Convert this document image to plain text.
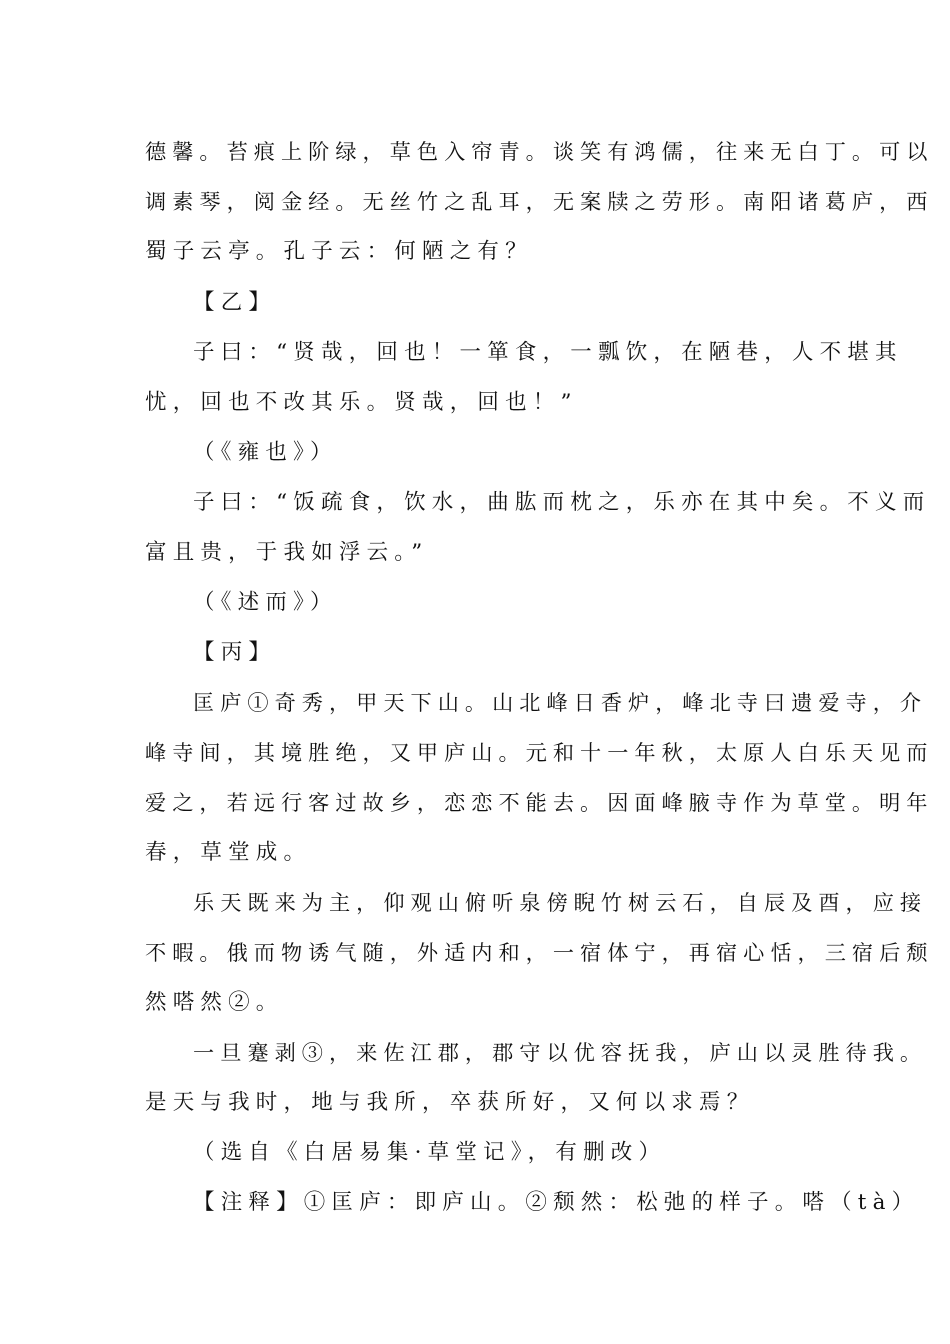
德馨。苔痕上阶绿，草色入帘青。谈笑有鸿儒，往来无白丁。可以
调素琴，阅金经。无丝竹之乱耳，无案牍之劳形。南阳诸葛庐，西
蜀子云亭。孔子云：何陋之有？
【乙】
子曰：“贤哉，回也！一箪食，一瓢饮，在陋巷，人不堪其
忧，回也不改其乐。贤哉，回也！”
（《雍也》）
子曰：“饭疏食，饮水，曲肱而枕之，乐亦在其中矣。不义而
富且贵，于我如浮云。”
（《述而》）
【丙】
匡庐①奇秀，甲天下山。山北峰日香炉，峰北寺曰遗爱寺，介
峰寺间，其境胜绝，又甲庐山。元和十一年秋，太原人白乐天见而
爱之，若远行客过故乡，恋恋不能去。因面峰腋寺作为草堂。明年
春，草堂成。
乐天既来为主，仰观山俯听泉傍睨竹树云石，自辰及酉，应接
不暇。俄而物诱气随，外适内和，一宿体宁，再宿心恬，三宿后颓
然嗒然②。
一旦蹇剥③，来佐江郡，郡守以优容抚我，庐山以灵胜待我。
是天与我时，地与我所，卒获所好，又何以求焉？
（选自《白居易集·草堂记》，有删改）
【注释】①匡庐：即庐山。②颓然：松弛的样子。嗒（tà）
